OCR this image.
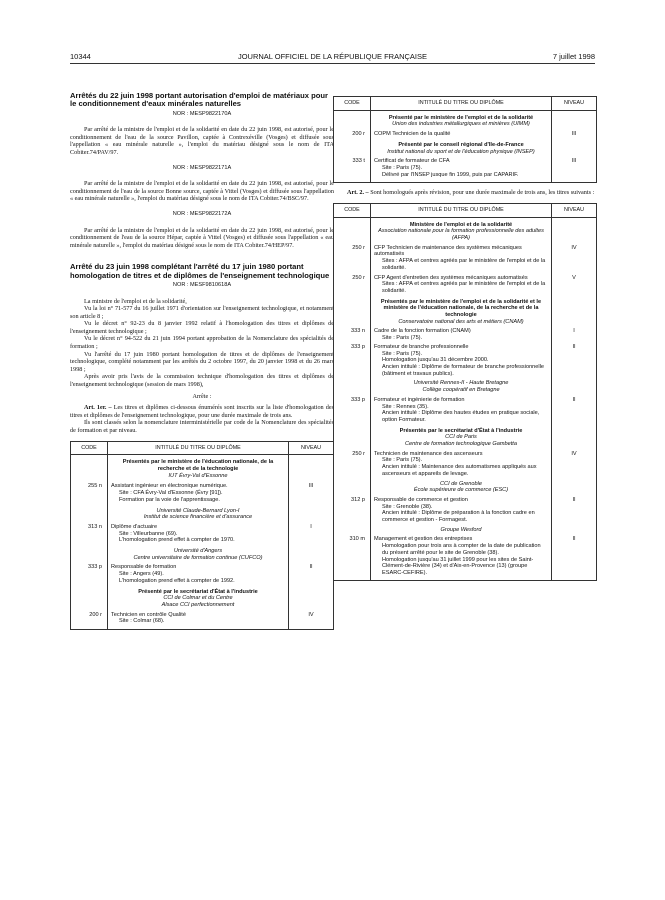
10344	JOURNAL OFFICIEL DE LA RÉPUBLIQUE FRANÇAISE	7 juillet 1998
Arrêtés du 22 juin 1998 portant autorisation d'emploi de matériaux pour le conditionnement d'eaux minérales naturelles
NOR : MESP9822170A
Par arrêté de la ministre de l'emploi et de la solidarité en date du 22 juin 1998, est autorisé, pour le conditionnement de l'eau de la source Pavillon, captée à Contrexéville (Vosges) et diffusée sous l'appellation « eau minérale naturelle », l'emploi du matériau désigné sous le nom de ITA Cobiter.74/PAV/97.
NOR : MESP9822171A
Par arrêté de la ministre de l'emploi et de la solidarité en date du 22 juin 1998, est autorisé, pour le conditionnement de l'eau de la source Bonne source, captée à Vittel (Vosges) et diffusée sous l'appellation « eau minérale naturelle », l'emploi du matériau désigné sous le nom de ITA Cobiter.74/BSC/97.
NOR : MESP9822172A
Par arrêté de la ministre de l'emploi et de la solidarité en date du 22 juin 1998, est autorisé, pour le conditionnement de l'eau de la source Hépar, captée à Vittel (Vosges) et diffusée sous l'appellation « eau minérale naturelle », l'emploi du matériau désigné sous le nom de ITA Cobiter.74/HEP/97.
Arrêté du 23 juin 1998 complétant l'arrêté du 17 juin 1980 portant homologation de titres et de diplômes de l'enseignement technologique
NOR : MESF9810618A
La ministre de l'emploi et de la solidarité,
Vu la loi n° 71-577 du 16 juillet 1971 d'orientation sur l'enseignement technologique, et notamment son article 8 ;
Vu le décret n° 92-23 du 8 janvier 1992 relatif à l'homologation des titres et diplômes de l'enseignement technologique ;
Vu le décret n° 94-522 du 21 juin 1994 portant approbation de la Nomenclature des spécialités de formation ;
Vu l'arrêté du 17 juin 1980 portant homologation de titres et de diplômes de l'enseignement technologique, complété notamment par les arrêtés du 2 octobre 1997, du 20 janvier 1998 et du 26 mars 1998 ;
Après avoir pris l'avis de la commission technique d'homologation des titres et diplômes de l'enseignement technologique (session de mars 1998),
Arrête :
Art. 1er. – Les titres et diplômes ci-dessous énumérés sont inscrits sur la liste d'homologation des titres et diplômes de l'enseignement technologique, pour une durée maximale de trois ans.
Ils sont classés selon la nomenclature interministérielle par code de la Nomenclature des spécialités de formation et par niveau.
CODE	INTITULÉ DU TITRE OU DIPLÔME	NIVEAU
	Présentés par le ministère de l'éducation nationale, de la recherche et de la technologie	
	IUT Évry-Val d'Essonne	
255 n	Assistant ingénieur en électronique numérique.
Site : CFA Évry-Val d'Essonne (Évry [91]).
Formation par la voie de l'apprentissage.	III

	Université Claude-Bernard Lyon-I
Institut de science financière et d'assurance	

313 n	Diplôme d'actuaire
Site : Villeurbanne (69).
L'homologation prend effet à compter de 1970.	I

	Université d'Angers
Centre universitaire de formation continue (CUFCO)	

333 p	Responsable de formation
Site : Angers (49).
L'homologation prend effet à compter de 1992.	II
	Présenté par le secrétariat d'État à l'industrie	

	CCI de Colmar et du Centre
Alsace CCI perfectionnement	

200 r	Technicien en contrôle Qualité
Site : Colmar (68).	IV
CODE	INTITULÉ DU TITRE OU DIPLÔME	NIVEAU
	Présenté par le ministère de l'emploi et de la solidarité	
	Union des industries métallurgiques et minières (UIMM)	
200 r	COPM Technicien de la qualité	III
	Présenté par le conseil régional d'Ile-de-France	
	Institut national du sport et de l'éducation physique (INSEP)	
333 t	Certificat de formateur de CFA
Site : Paris (75).
Délivré par l'INSEP jusque fin 1999, puis par CAPARIF.	III
Art. 2. – Sont homologués après révision, pour une durée maximale de trois ans, les titres suivants :
CODE	INTITULÉ DU TITRE OU DIPLÔME	NIVEAU
	Ministère de l'emploi et de la solidarité	
	Association nationale pour la formation professionnelle des adultes (AFPA)	
250 r	CFP Technicien de maintenance des systèmes mécaniques automatisés
Sites : AFPA et centres agréés par le ministère de l'emploi et de la solidarité.	IV
250 r	CFP Agent d'entretien des systèmes mécaniques automatisés
Sites : AFPA et centres agréés par le ministère de l'emploi et de la solidarité.	V
	Présentés par le ministère de l'emploi et de la solidarité et le ministère de l'éducation nationale, de la recherche et de la technologie	
	Conservatoire national des arts et métiers (CNAM)	
333 n	Cadre de la fonction formation (CNAM)
Site : Paris (75).	I
333 p	Formateur de branche professionnelle
Site : Paris (75).
Homologation jusqu'au 31 décembre 2000.
Ancien intitulé : Diplôme de formateur de branche professionnelle (bâtiment et travaux publics).	II

	Université Rennes-II - Haute Bretagne
Collège coopératif en Bretagne	

333 p	Formateur et ingénierie de formation
Site : Rennes (35).
Ancien intitulé : Diplôme des hautes études en pratique sociale, option Formateur.	II
	Présentés par le secrétariat d'État à l'industrie	

	CCI de Paris
Centre de formation technologique Gambetta	

250 r	Technicien de maintenance des ascenseurs
Site : Paris (75).
Ancien intitulé : Maintenance des automatismes appliqués aux ascenseurs et appareils de levage.	IV

	CCI de Grenoble
École supérieure de commerce (ESC)	

312 p	Responsable de commerce et gestion
Site : Grenoble (38).
Ancien intitulé : Diplôme de préparation à la fonction cadre en commerce et gestion - Formagest.	II
	Groupe Wesford	
310 m	Management et gestion des entreprises
Homologation pour trois ans à compter de la date de publication du présent arrêté pour le site de Grenoble (38).
Homologation jusqu'au 31 juillet 1999 pour les sites de Saint-Clément-de-Rivière (34) et d'Aix-en-Provence (13) (groupe ESARC-CEFIRE).	II
